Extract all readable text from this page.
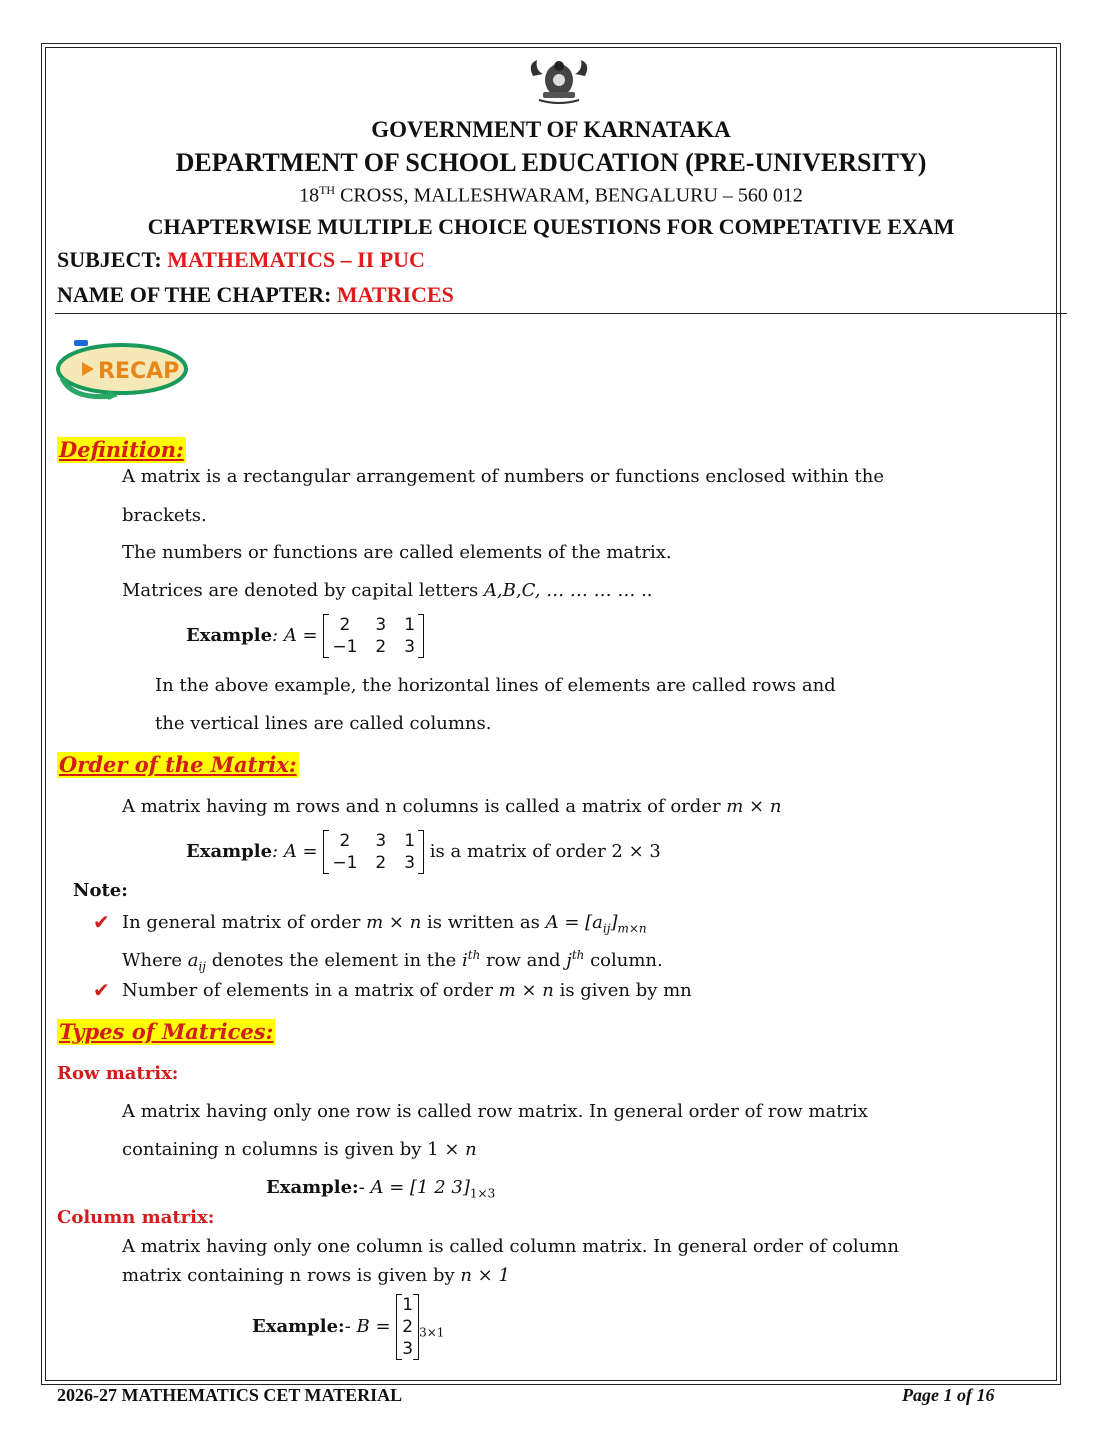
GOVERNMENT OF KARNATAKA
DEPARTMENT OF SCHOOL EDUCATION (PRE-UNIVERSITY)
18TH CROSS, MALLESHWARAM, BENGALURU – 560 012
CHAPTERWISE MULTIPLE CHOICE QUESTIONS FOR COMPETATIVE EXAM
SUBJECT: MATHEMATICS – II PUC
NAME OF THE CHAPTER: MATRICES
RECAP
Definition:
A matrix is a rectangular arrangement of numbers or functions enclosed within the
brackets.
The numbers or functions are called elements of the matrix.
Matrices are denoted by capital letters A,B,C, … … … … ..
Example: A = 2	3	1
−1	2	3
In the above example, the horizontal lines of elements are called rows and
the vertical lines are called columns.
Order of the Matrix:
A matrix having m rows and n columns is called a matrix of order m × n
Example: A = 2	3	1
−1	2	3
is a matrix of order 2 × 3
Note:
✔ In general matrix of order m × n is written as $A = [a_{ij}]_{m\times n}$
Where $a_{ij}$ denotes the element in the $i^{th}$ row and $j^{th}$ column.
✔ Number of elements in a matrix of order m × n is given by mn
Types of Matrices:
Row matrix:
A matrix having only one row is called row matrix. In general order of row matrix
containing n columns is given by 1 × n
Example:- A = [1 2 $3]_{1\times 3}$
Column matrix:
A matrix having only one column is called column matrix. In general order of column
matrix containing n rows is given by n × 1
Example:- B =
1
2
3
$_{3\times 1}$
2026-27 MATHEMATICS CET MATERIAL	Page 1 of 16
